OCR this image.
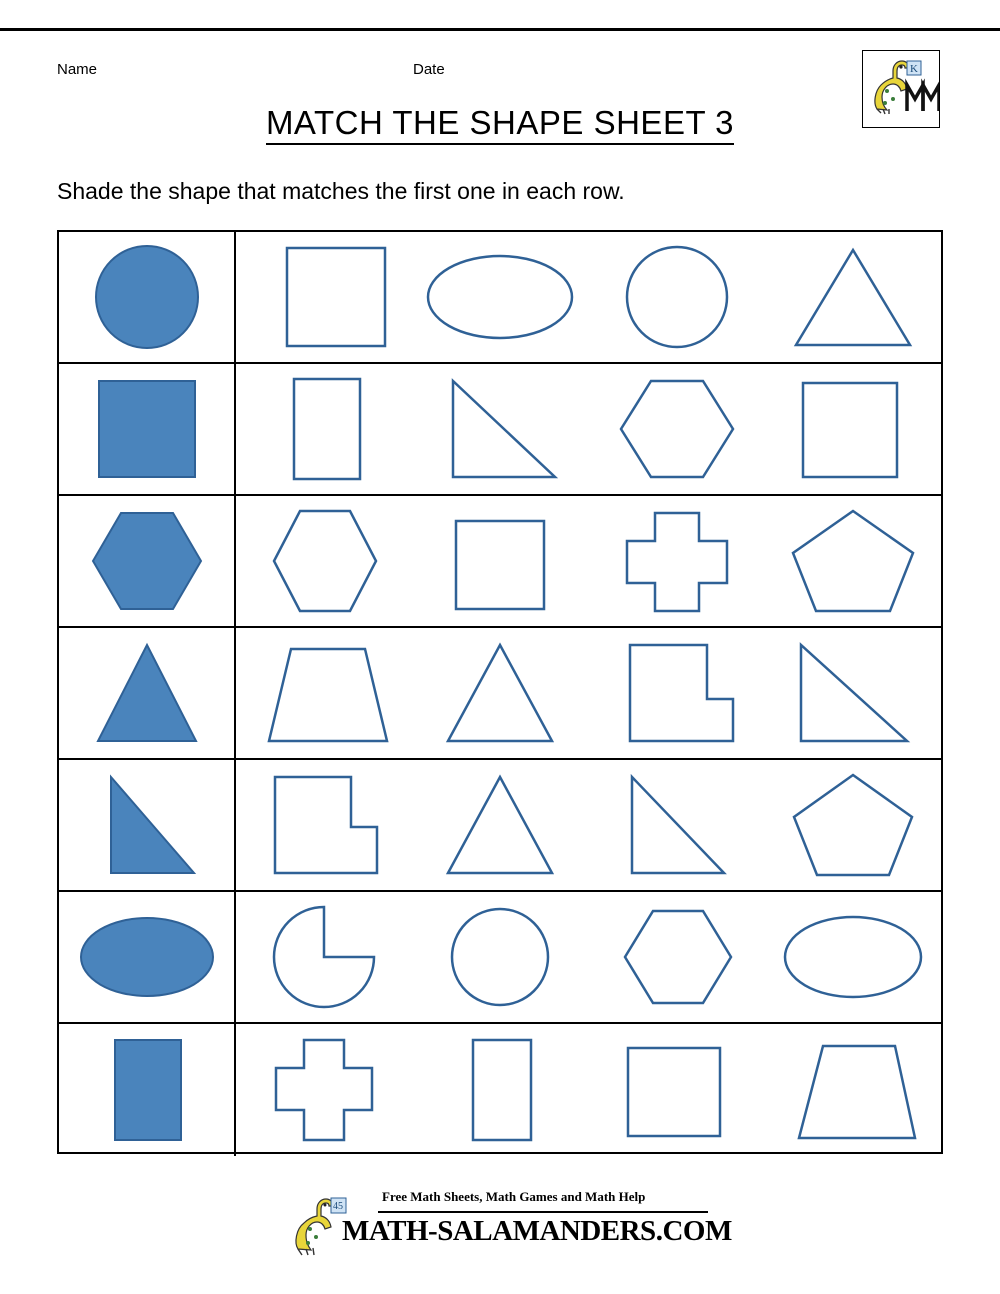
Name	Date	K
MATCH THE SHAPE SHEET 3
Shade the shape that matches the first one in each row.
45
Free Math Sheets, Math Games and Math Help
MATH-SALAMANDERS.COM
